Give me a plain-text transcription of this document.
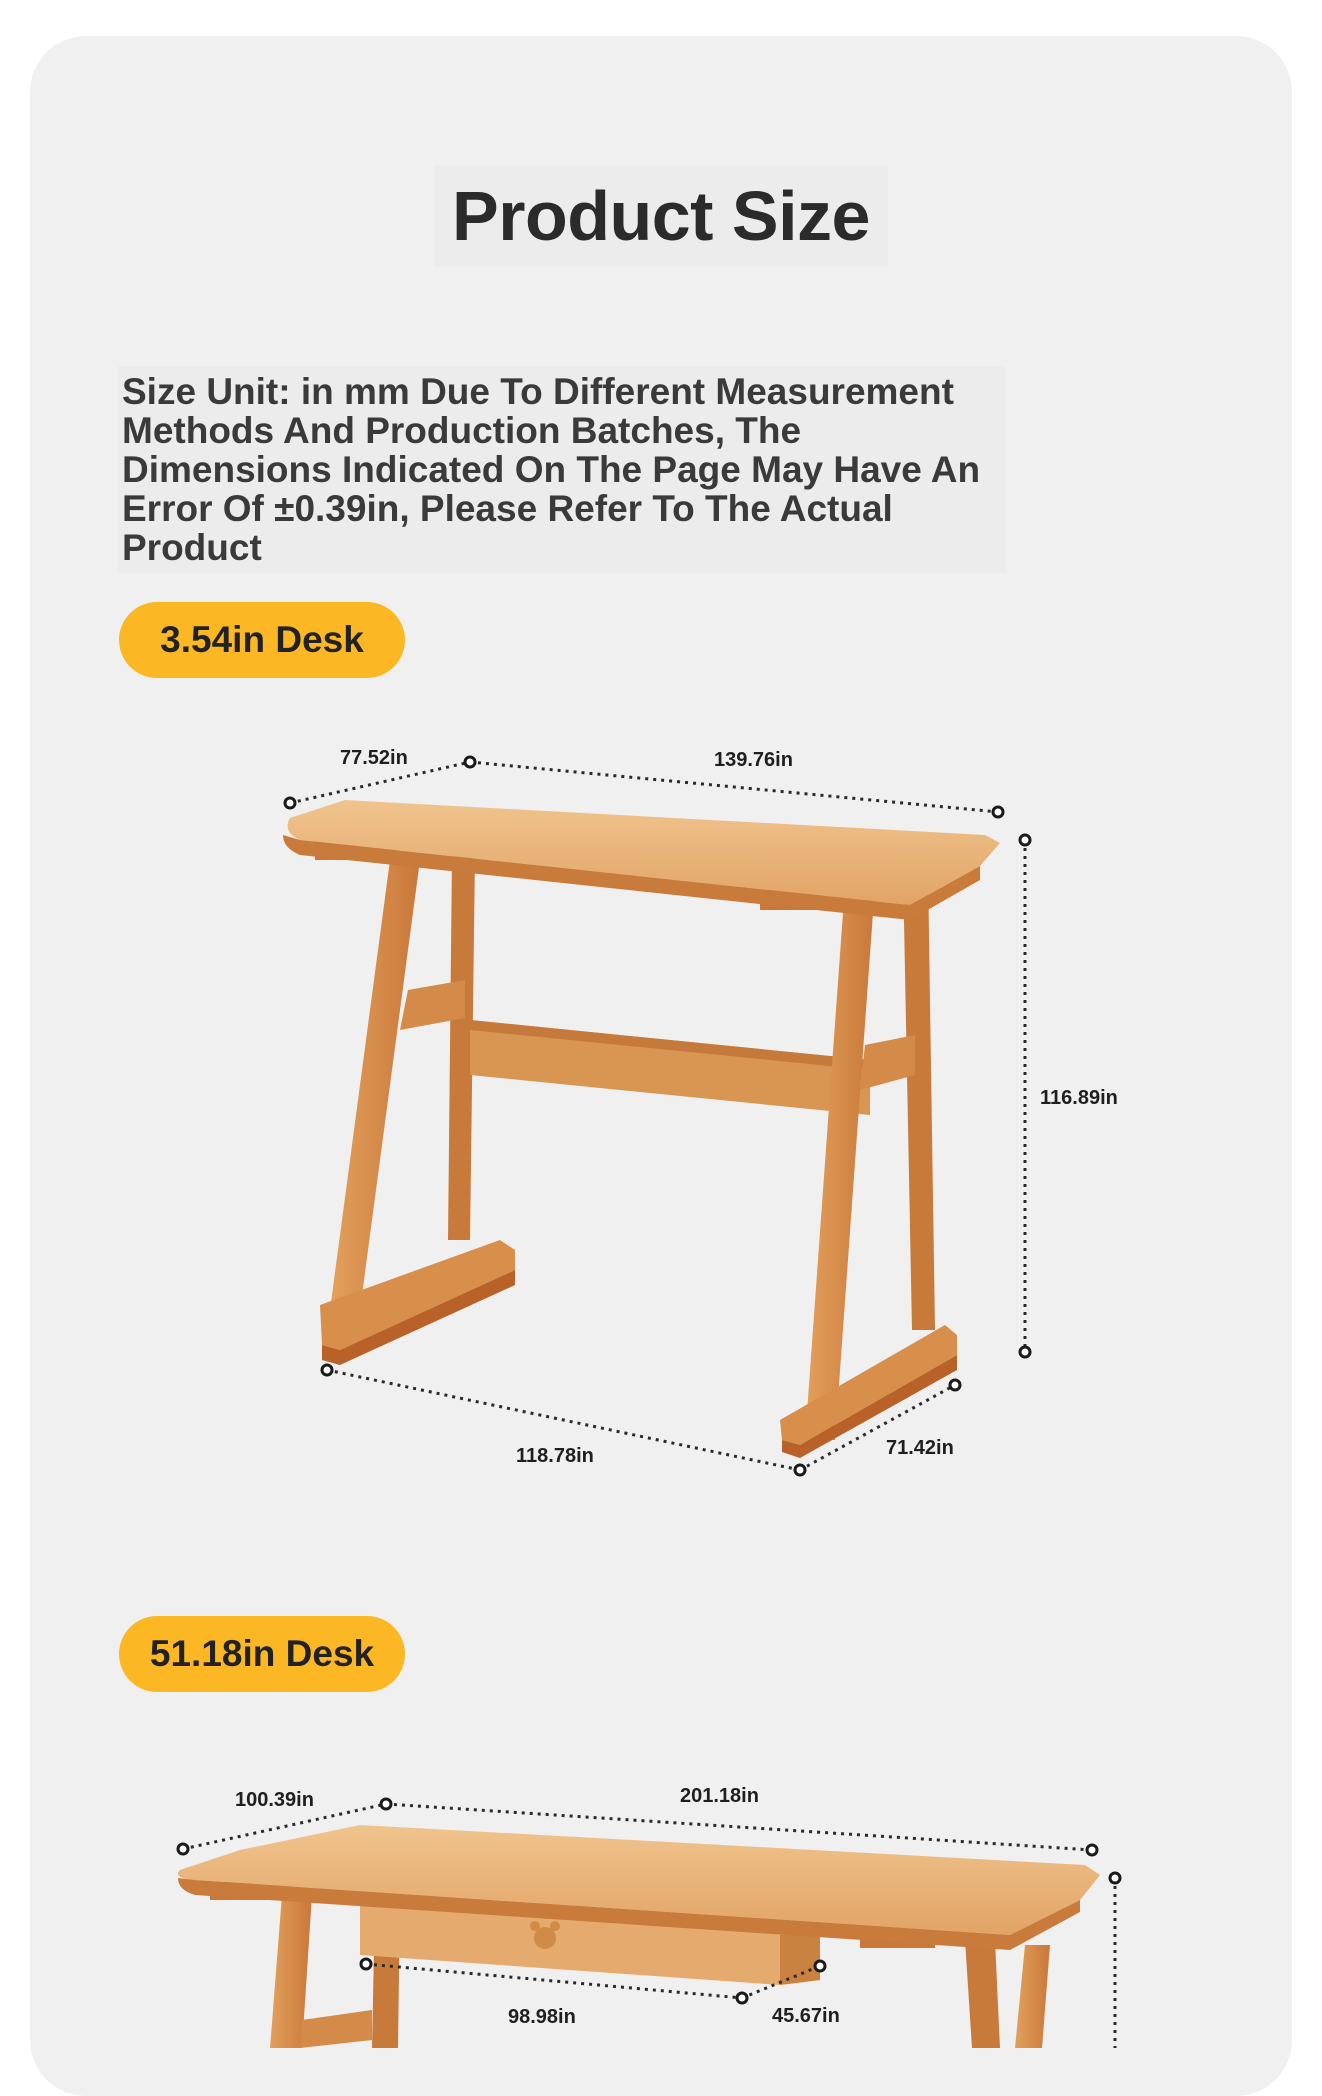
Product Size
Size Unit: in mm Due To Different Measurement Methods And Production Batches, The Dimensions Indicated On The Page May Have An Error Of ±0.39in, Please Refer To The Actual Product
3.54in Desk
51.18in Desk
77.52in	139.76in
116.89in
118.78in	71.42in
100.39in	201.18in
98.98in	45.67in
